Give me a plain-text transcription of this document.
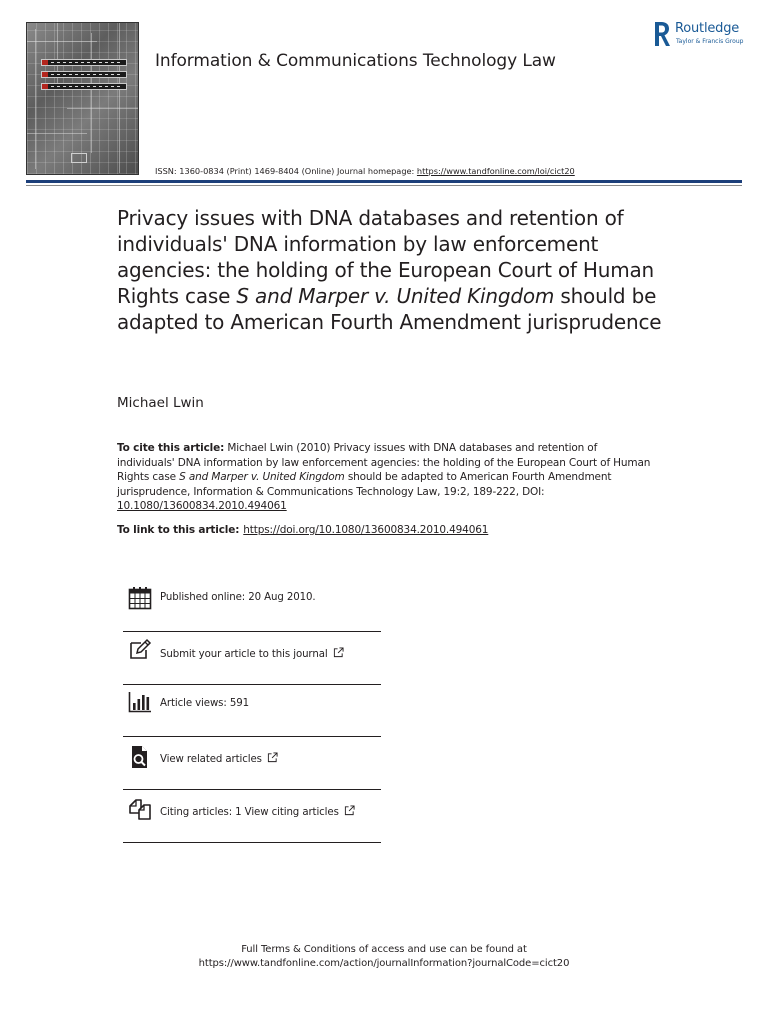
Information & Communications Technology Law
Routledge
Taylor & Francis Group
ISSN: 1360-0834 (Print) 1469-8404 (Online) Journal homepage: https://www.tandfonline.com/loi/cict20
Privacy issues with DNA databases and retention of individuals' DNA information by law enforcement agencies: the holding of the European Court of Human Rights case S and Marper v. United Kingdom should be adapted to American Fourth Amendment jurisprudence
Michael Lwin
To cite this article: Michael Lwin (2010) Privacy issues with DNA databases and retention of individuals' DNA information by law enforcement agencies: the holding of the European Court of Human Rights case S and Marper v. United Kingdom should be adapted to American Fourth Amendment jurisprudence, Information & Communications Technology Law, 19:2, 189-222, DOI: 10.1080/13600834.2010.494061
To link to this article: https://doi.org/10.1080/13600834.2010.494061
Published online: 20 Aug 2010.
Submit your article to this journal
Article views: 591
View related articles
Citing articles: 1 View citing articles
Full Terms & Conditions of access and use can be found at
https://www.tandfonline.com/action/journalInformation?journalCode=cict20
